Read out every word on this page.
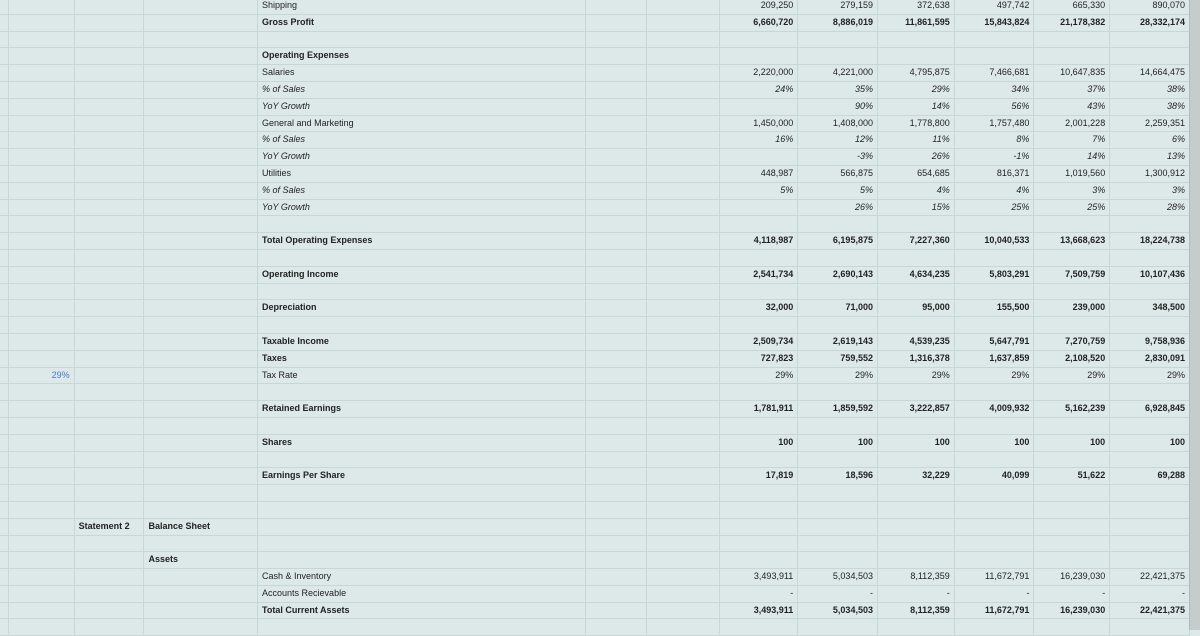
				Shipping			209,250	279,159	372,638	497,742	665,330	890,070
				Gross Profit			6,660,720	8,886,019	11,861,595	15,843,824	21,178,382	28,332,174

				Operating Expenses								
				Salaries			2,220,000	4,221,000	4,795,875	7,466,681	10,647,835	14,664,475
				% of Sales			24%	35%	29%	34%	37%	38%
				YoY Growth				90%	14%	56%	43%	38%
				General and Marketing			1,450,000	1,408,000	1,778,800	1,757,480	2,001,228	2,259,351
				% of Sales			16%	12%	11%	8%	7%	6%
				YoY Growth				-3%	26%	-1%	14%	13%
				Utilities			448,987	566,875	654,685	816,371	1,019,560	1,300,912
				% of Sales			5%	5%	4%	4%	3%	3%
				YoY Growth				26%	15%	25%	25%	28%

				Total Operating Expenses			4,118,987	6,195,875	7,227,360	10,040,533	13,668,623	18,224,738

				Operating Income			2,541,734	2,690,143	4,634,235	5,803,291	7,509,759	10,107,436

				Depreciation			32,000	71,000	95,000	155,500	239,000	348,500

				Taxable Income			2,509,734	2,619,143	4,539,235	5,647,791	7,270,759	9,758,936
				Taxes			727,823	759,552	1,316,378	1,637,859	2,108,520	2,830,091
	29%			Tax Rate			29%	29%	29%	29%	29%	29%

				Retained Earnings			1,781,911	1,859,592	3,222,857	4,009,932	5,162,239	6,928,845

				Shares			100	100	100	100	100	100

				Earnings Per Share			17,819	18,596	32,229	40,099	51,622	69,288

		Statement 2	Balance Sheet									

			Assets									
				Cash & Inventory			3,493,911	5,034,503	8,112,359	11,672,791	16,239,030	22,421,375
				Accounts Recievable			-	-	-	-	-	-
				Total Current Assets			3,493,911	5,034,503	8,112,359	11,672,791	16,239,030	22,421,375
